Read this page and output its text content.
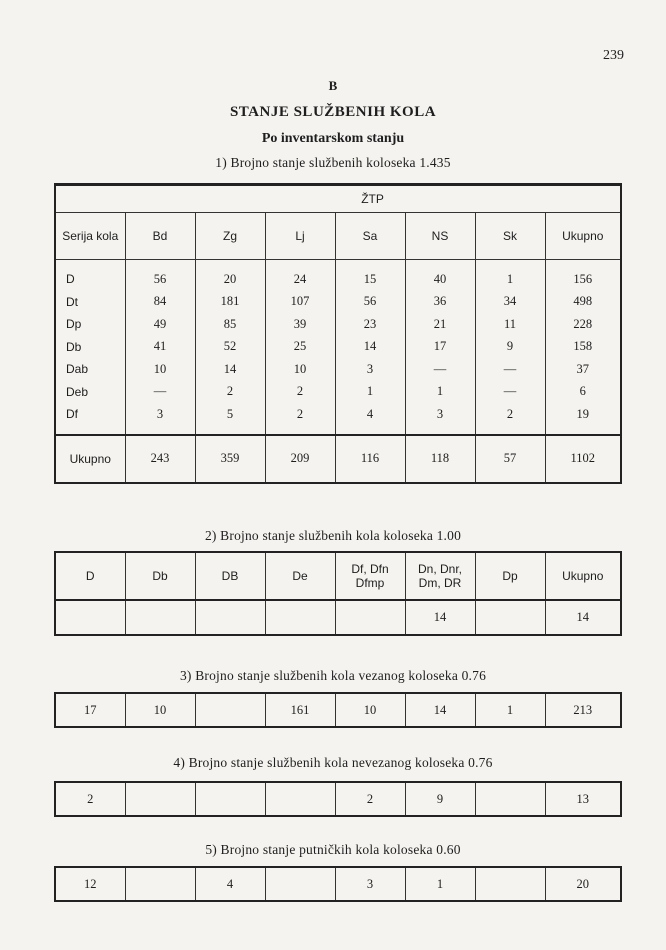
239
B
STANJE SLUŽBENIH KOLA
Po inventarskom stanju
1) Brojno stanje službenih koloseka 1.435
	ŽTP						
Serija kola	Bd	Zg	Lj	Sa	NS	Sk	Ukupno
D	56	20	24	15	40	1	156
Dt	84	181	107	56	36	34	498
Dp	49	85	39	23	21	11	228
Db	41	52	25	14	17	9	158
Dab	10	14	10	3	—	—	37
Deb	—	2	2	1	1	—	6
Df	3	5	2	4	3	2	19
Ukupno	243	359	209	116	118	57	1102
2) Brojno stanje službenih kola koloseka 1.00
D	Db	DB	De	Df, Dfn Dfmp	Dn, Dnr, Dm, DR	Dp	Ukupno
					14		14
3) Brojno stanje službenih kola vezanog koloseka 0.76
17	10		161	10	14	1	213
4) Brojno stanje službenih kola nevezanog koloseka 0.76
2				2	9		13
5) Brojno stanje putničkih kola koloseka 0.60
12		4		3	1		20
